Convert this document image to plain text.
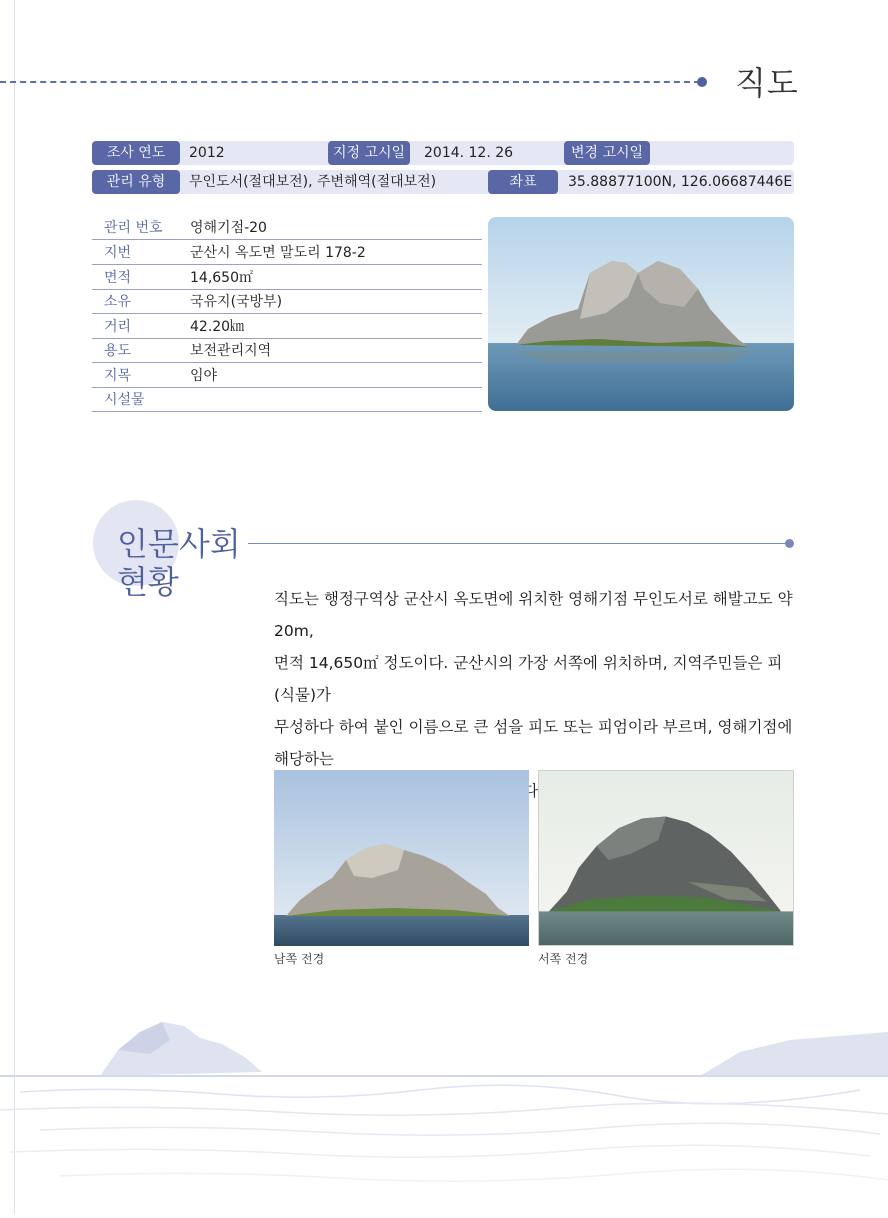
직도
조사 연도	2012	지정 고시일	2014. 12. 26	변경 고시일
관리 유형	무인도서(절대보전), 주변해역(절대보전)	좌표	35.88877100N, 126.06687446E
관리 번호 영해기점-20
지번	군산시 옥도면 말도리 178-2
면적	14,650㎡
소유	국유지(국방부)
거리	42.20㎞
용도	보전관리지역
지목	임야
시설물
인문사회
현황	직도는 행정구역상 군산시 옥도면에 위치한 영해기점 무인도서로 해발고도 약 20m,
면적 14,650㎡ 정도이다. 군산시의 가장 서쪽에 위치하며, 지역주민들은 피(식물)가
무성하다 하여 붙인 이름으로 큰 섬을 피도 또는 피엄이라 부르며, 영해기점에 해당하는
남쪽 전경	서쪽 전경
